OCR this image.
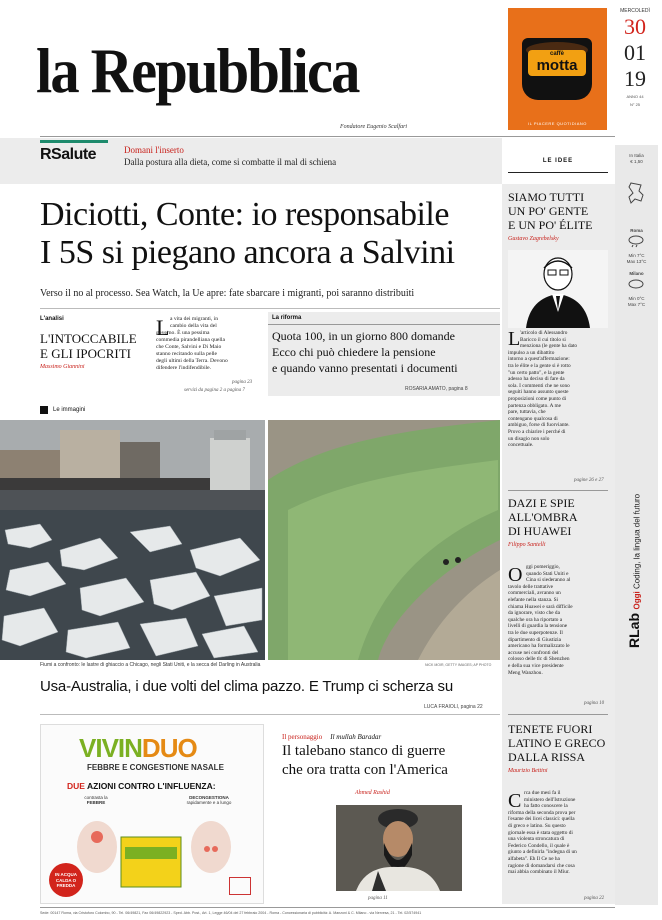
la Repubblica
Fondatore Eugenio Scalfari
caffè
motta
IL PIACERE QUOTIDIANO
MERCOLEDÌ
30
01
19
ANNO 44
N° 25
In Italia
€ 1,50
Roma
Min 7°C
Max 13°C
Milano
Min 0°C
Max 7°C
Oggi Coding, la lingua del futuro
RLab
RSalute	Domani l'inserto
Dalla postura alla dieta, come si combatte il mal di schiena	LE IDEE
Diciotti, Conte: io responsabile
I 5S si piegano ancora a Salvini
Verso il no al processo. Sea Watch, la Ue apre: fate sbarcare i migranti, poi saranno distribuiti
L'analisi
L'INTOCCABILE
E GLI IPOCRITI
Massimo Giannini
L a vita dei migranti, in
cambio della vita del
governo. È una pessima
commedia pirandelliana quella
che Conte, Salvini e Di Maio
stanno recitando sulla pelle
degli ultimi della Terra. Devono
difendere l'indifendibile.
pagina 23
servizi da pagina 2 a pagina 7
La riforma
Quota 100, in un giorno 800 domande
Ecco chi può chiedere la pensione
e quando vanno presentati i documenti
ROSARIA AMATO, pagina 8
Le immagini
Fiumi a confronto: le lastre di ghiaccio a Chicago, negli Stati Uniti, e la secca del Darling in Australia	NICK MOIR, GETTY IMAGES; AP PHOTO
Usa-Australia, i due volti del clima pazzo. E Trump ci scherza su
LUCA FRAIOLI, pagina 22
SIAMO TUTTI
UN PO' GENTE
E UN PO' ÉLITE
Gustavo Zagrebelsky
L 'articolo di Alessandro
Baricco il cui titolo si
menziona (le gente ha dato
impulso a un dibattito
intorno a quest'affermazione:
tra le élite e la gente si è rotto
"un certo patto", e la gente
adesso ha deciso di fare da
sola. I commenti che ne sono
seguiti hanno assunto queste
proposizioni come punto di
partenza obbligato. A me
pare, tuttavia, che
contengano qualcosa di
ambiguo, forse di fuorviante.
Provo a chiarire i perché di
un disagio non solo
concettuale.
pagine 26 e 27
DAZI E SPIE
ALL'OMBRA
DI HUAWEI
Filippo Santelli
O ggi pomeriggio,
quando Stati Uniti e
Cina si siederanno al
tavolo delle trattative
commerciali, avranno un
elefante nella stanza. Si
chiama Huawei e sarà difficile
da ignorare, visto che da
qualche ora ha riportato a
livelli di guardia la tensione
tra le due superpotenze. Il
dipartimento di Giustizia
americano ha formalizzato le
accuse nei confronti del
colosso delle tlc di Shenzhen
e della sua vice presidente
Meng Wanzhou.
pagina 10
TENETE FUORI
LATINO E GRECO
DALLA RISSA
Maurizio Bettini
C rca due mesi fa il
ministero dell'Istruzione
ha fatto conoscere la
riforma della seconda prova per
l'esame dei licei classici: quella
di greco e latino. Su questo
giornale essa è stata oggetto di
una violenta stroncatura di
Federico Condello, il quale è
giunto a definirla "indegna di un
alfabeta". Eh Il Ce ne ha
ragione di domandarsi che cosa
mai abbia combinato il Miur.
pagina 22
VIVINDUO
FEBBRE E CONGESTIONE NASALE
DUE AZIONI CONTRO L'INFLUENZA:
contrasta la
FEBBRE
DECONGESTIONA
rapidamente e a lungo
IN ACQUA
CALDA O
FREDDA
Il personaggio Il mullah Baradar
Il talebano stanco di guerre
che ora tratta con l'America
Ahmed Rashid
pagina 11
Sede: 00147 Roma, via Cristoforo Colombo, 90 - Tel. 06/49821, Fax 06/49822923 - Sped. Abb. Post., Art. 1, Legge 46/04 del 27 febbraio 2004 - Roma - Concessionaria di pubblicità: A. Manzoni & C. Milano - via Nervesa, 21 - Tel. 02/574941
